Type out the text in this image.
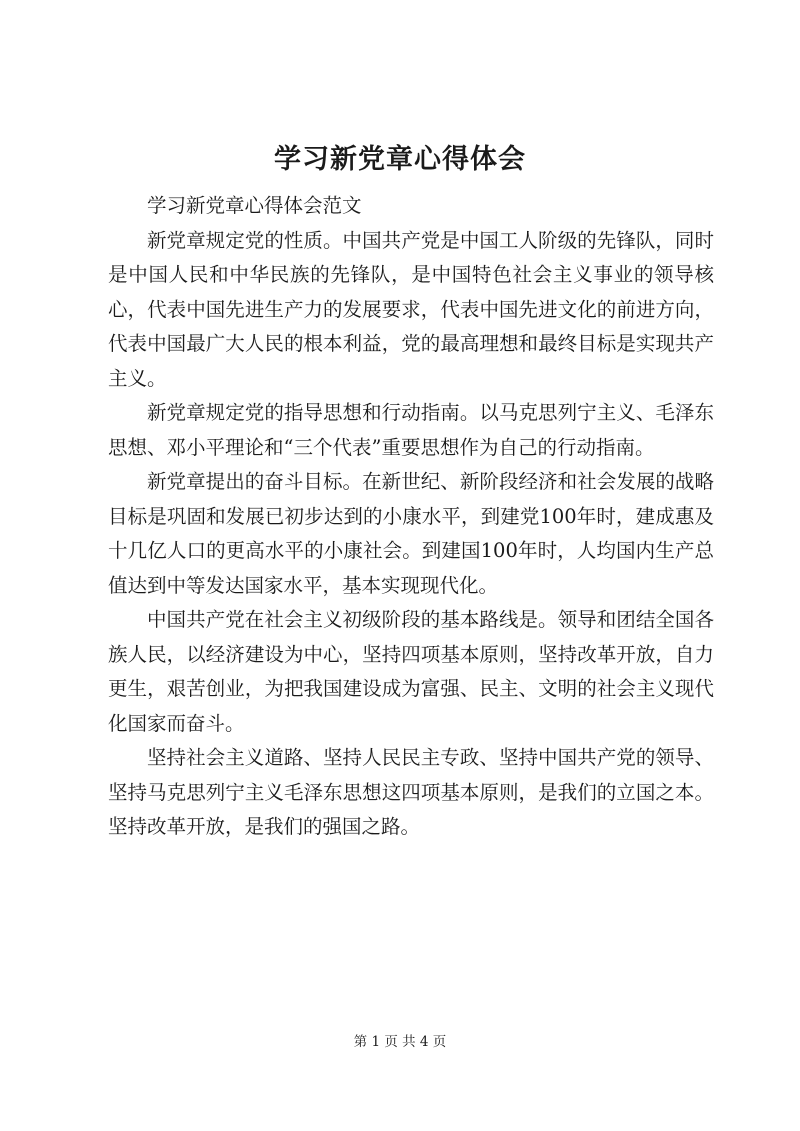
学习新党章心得体会

学习新党章心得体会范文

新党章规定党的性质。中国共产党是中国工人阶级的先锋队，同时是中国人民和中华民族的先锋队，是中国特色社会主义事业的领导核心，代表中国先进生产力的发展要求，代表中国先进文化的前进方向，代表中国最广大人民的根本利益，党的最高理想和最终目标是实现共产主义。

新党章规定党的指导思想和行动指南。以马克思列宁主义、毛泽东思想、邓小平理论和“三个代表”重要思想作为自己的行动指南。

新党章提出的奋斗目标。在新世纪、新阶段经济和社会发展的战略目标是巩固和发展已初步达到的小康水平，到建党100年时，建成惠及十几亿人口的更高水平的小康社会。到建国100年时，人均国内生产总值达到中等发达国家水平，基本实现现代化。

中国共产党在社会主义初级阶段的基本路线是。领导和团结全国各族人民，以经济建设为中心，坚持四项基本原则，坚持改革开放，自力更生，艰苦创业，为把我国建设成为富强、民主、文明的社会主义现代化国家而奋斗。

坚持社会主义道路、坚持人民民主专政、坚持中国共产党的领导、坚持马克思列宁主义毛泽东思想这四项基本原则，是我们的立国之本。坚持改革开放，是我们的强国之路。

第 1 页 共 4 页
